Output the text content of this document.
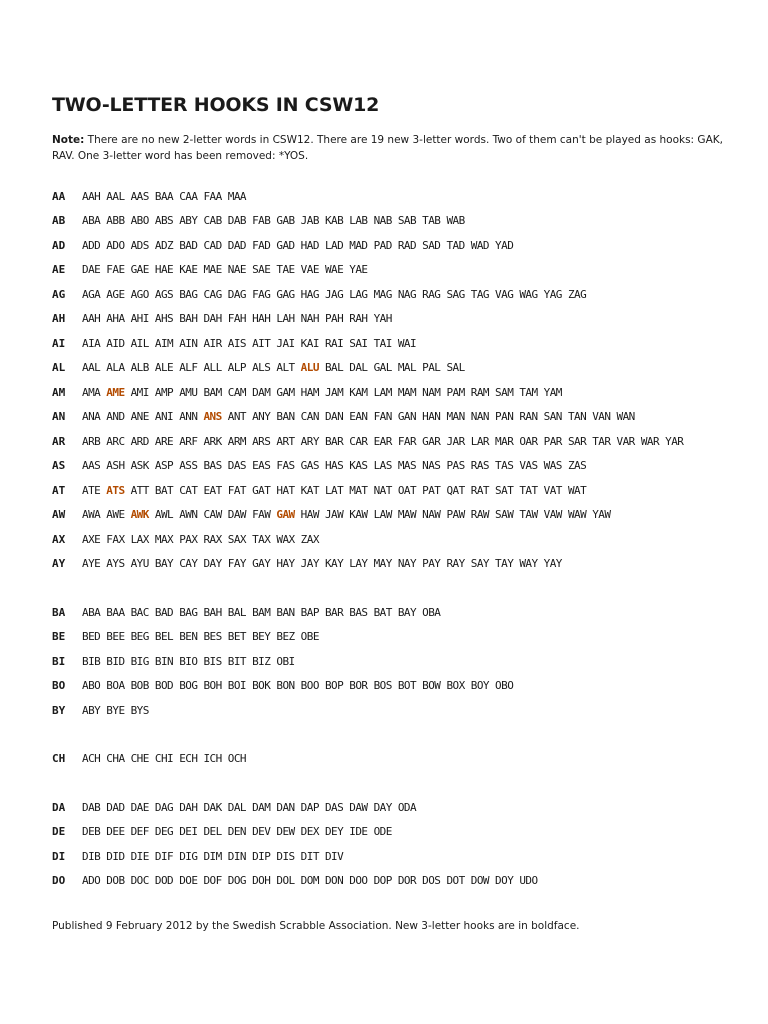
TWO-LETTER HOOKS IN CSW12
Note: There are no new 2-letter words in CSW12. There are 19 new 3-letter words. Two of them can't be played as hooks: GAK, RAV. One 3-letter word has been removed: *YOS.
AA	AAH AAL AAS BAA CAA FAA MAA
AB	ABA ABB ABO ABS ABY CAB DAB FAB GAB JAB KAB LAB NAB SAB TAB WAB
AD	ADD ADO ADS ADZ BAD CAD DAD FAD GAD HAD LAD MAD PAD RAD SAD TAD WAD YAD
AE	DAE FAE GAE HAE KAE MAE NAE SAE TAE VAE WAE YAE
AG	AGA AGE AGO AGS BAG CAG DAG FAG GAG HAG JAG LAG MAG NAG RAG SAG TAG VAG WAG YAG ZAG
AH	AAH AHA AHI AHS BAH DAH FAH HAH LAH NAH PAH RAH YAH
AI	AIA AID AIL AIM AIN AIR AIS AIT JAI KAI RAI SAI TAI WAI
AL	AAL ALA ALB ALE ALF ALL ALP ALS ALT ALU BAL DAL GAL MAL PAL SAL
AM	AMA AME AMI AMP AMU BAM CAM DAM GAM HAM JAM KAM LAM MAM NAM PAM RAM SAM TAM YAM
AN	ANA AND ANE ANI ANN ANS ANT ANY BAN CAN DAN EAN FAN GAN HAN MAN NAN PAN RAN SAN TAN VAN WAN
AR	ARB ARC ARD ARE ARF ARK ARM ARS ART ARY BAR CAR EAR FAR GAR JAR LAR MAR OAR PAR SAR TAR VAR WAR YAR
AS	AAS ASH ASK ASP ASS BAS DAS EAS FAS GAS HAS KAS LAS MAS NAS PAS RAS TAS VAS WAS ZAS
AT	ATE ATS ATT BAT CAT EAT FAT GAT HAT KAT LAT MAT NAT OAT PAT QAT RAT SAT TAT VAT WAT
AW	AWA AWE AWK AWL AWN CAW DAW FAW GAW HAW JAW KAW LAW MAW NAW PAW RAW SAW TAW VAW WAW YAW
AX	AXE FAX LAX MAX PAX RAX SAX TAX WAX ZAX
AY	AYE AYS AYU BAY CAY DAY FAY GAY HAY JAY KAY LAY MAY NAY PAY RAY SAY TAY WAY YAY
BA	ABA BAA BAC BAD BAG BAH BAL BAM BAN BAP BAR BAS BAT BAY OBA
BE	BED BEE BEG BEL BEN BES BET BEY BEZ OBE
BI	BIB BID BIG BIN BIO BIS BIT BIZ OBI
BO	ABO BOA BOB BOD BOG BOH BOI BOK BON BOO BOP BOR BOS BOT BOW BOX BOY OBO
BY	ABY BYE BYS
CH	ACH CHA CHE CHI ECH ICH OCH
DA	DAB DAD DAE DAG DAH DAK DAL DAM DAN DAP DAS DAW DAY ODA
DE	DEB DEE DEF DEG DEI DEL DEN DEV DEW DEX DEY IDE ODE
DI	DIB DID DIE DIF DIG DIM DIN DIP DIS DIT DIV
DO	ADO DOB DOC DOD DOE DOF DOG DOH DOL DOM DON DOO DOP DOR DOS DOT DOW DOY UDO
Published 9 February 2012 by the Swedish Scrabble Association. New 3-letter hooks are in boldface.
